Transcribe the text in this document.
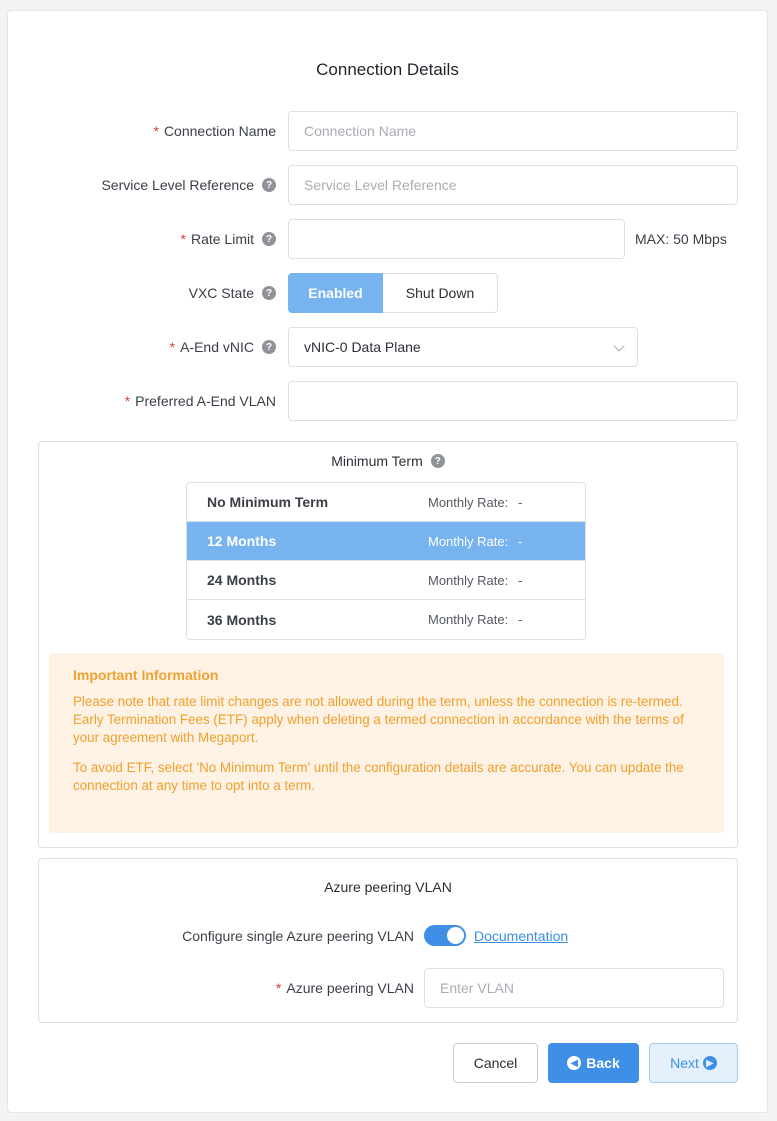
Connection Details
* Connection Name
Connection Name
Service Level Reference	?
Service Level Reference
* Rate Limit	?	MAX: 50 Mbps
VXC State	?	Enabled	Shut Down
* A-End vNIC	? vNIC-0 Data Plane
* Preferred A-End VLAN
Minimum Term	?
No Minimum Term	Monthly Rate: -
12 Months	Monthly Rate: -
24 Months	Monthly Rate: -
36 Months	Monthly Rate: -
Important Information

Please note that rate limit changes are not allowed during the term, unless the connection is re-termed. Early Termination Fees (ETF) apply when deleting a termed connection in accordance with the terms of your agreement with Megaport.

To avoid ETF, select 'No Minimum Term' until the configuration details are accurate. You can update the connection at any time to opt into a term.

Azure peering VLAN
Configure single Azure peering VLAN	Documentation
* Azure peering VLAN
Enter VLAN
Cancel	◀ Back	Next ▶
